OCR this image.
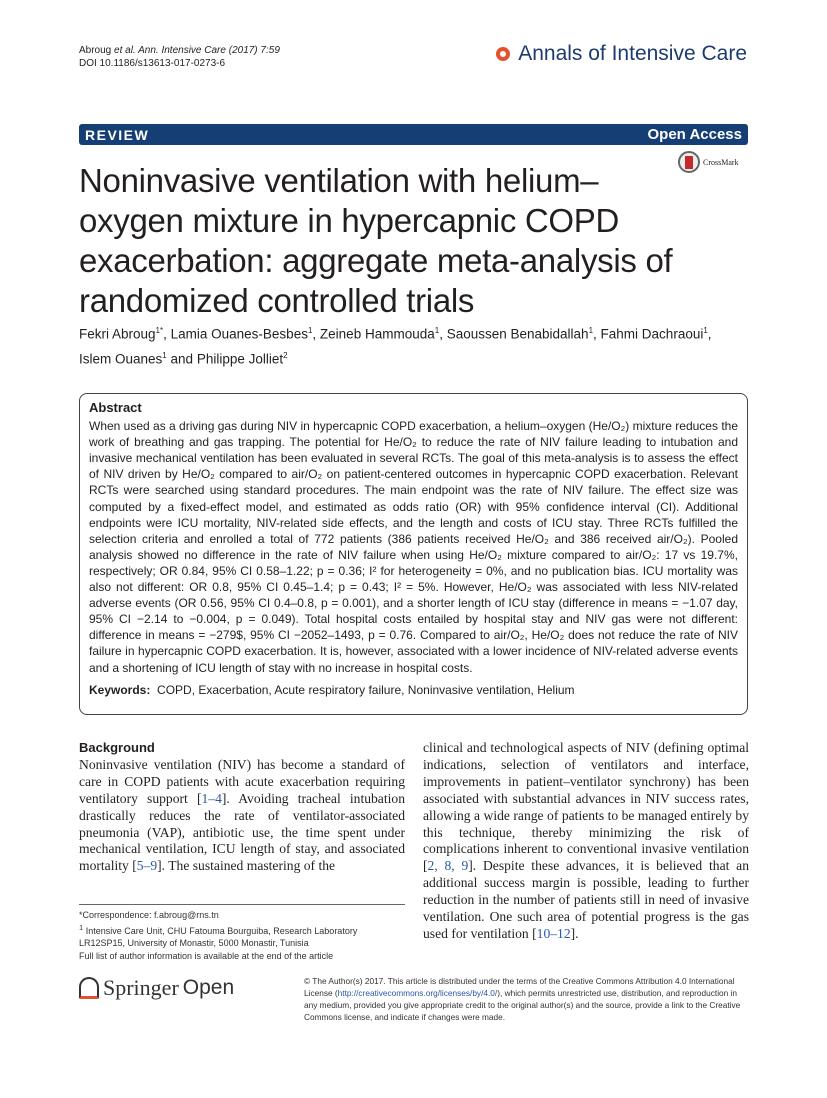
Abroug et al. Ann. Intensive Care (2017) 7:59
DOI 10.1186/s13613-017-0273-6	Annals of Intensive Care
REVIEW	Open Access
CrossMark
Noninvasive ventilation with helium–oxygen mixture in hypercapnic COPD exacerbation: aggregate meta-analysis of randomized controlled trials
Fekri Abroug$^{1*}$, Lamia Ouanes-Besbes$^1$, Zeineb Hammouda$^1$, Saoussen Benabidallah$^1$, Fahmi Dachraoui$^1$,
Islem Ouanes$^1$ and Philippe Jolliet$^2$
Abstract

When used as a driving gas during NIV in hypercapnic COPD exacerbation, a helium–oxygen (He/O₂) mixture reduces the work of breathing and gas trapping. The potential for He/O₂ to reduce the rate of NIV failure leading to intubation and invasive mechanical ventilation has been evaluated in several RCTs. The goal of this meta-analysis is to assess the effect of NIV driven by He/O₂ compared to air/O₂ on patient-centered outcomes in hypercapnic COPD exacerbation. Relevant RCTs were searched using standard procedures. The main endpoint was the rate of NIV failure. The effect size was computed by a fixed-effect model, and estimated as odds ratio (OR) with 95% confidence interval (CI). Additional endpoints were ICU mortality, NIV-related side effects, and the length and costs of ICU stay. Three RCTs fulfilled the selection criteria and enrolled a total of 772 patients (386 patients received He/O₂ and 386 received air/O₂). Pooled analysis showed no difference in the rate of NIV failure when using He/O₂ mixture compared to air/O₂: 17 vs 19.7%, respectively; OR 0.84, 95% CI 0.58–1.22; p = 0.36; I² for heterogeneity = 0%, and no publication bias. ICU mortality was also not different: OR 0.8, 95% CI 0.45–1.4; p = 0.43; I² = 5%. However, He/O₂ was associated with less NIV-related adverse events (OR 0.56, 95% CI 0.4–0.8, p = 0.001), and a shorter length of ICU stay (difference in means = −1.07 day, 95% CI −2.14 to −0.004, p = 0.049). Total hospital costs entailed by hospital stay and NIV gas were not different: difference in means = −279$, 95% CI −2052–1493, p = 0.76. Compared to air/O₂, He/O₂ does not reduce the rate of NIV failure in hypercapnic COPD exacerbation. It is, however, associated with a lower incidence of NIV-related adverse events and a shortening of ICU length of stay with no increase in hospital costs.

Keywords: COPD, Exacerbation, Acute respiratory failure, Noninvasive ventilation, Helium
Background
Noninvasive ventilation (NIV) has become a standard of care in COPD patients with acute exacerbation requiring ventilatory support [1–4]. Avoiding tracheal intubation drastically reduces the rate of ventilator-associated pneumonia (VAP), antibiotic use, the time spent under mechanical ventilation, ICU length of stay, and associated mortality [5–9]. The sustained mastering of the
clinical and technological aspects of NIV (defining optimal indications, selection of ventilators and interface, improvements in patient–ventilator synchrony) has been associated with substantial advances in NIV success rates, allowing a wide range of patients to be managed entirely by this technique, thereby minimizing the risk of complications inherent to conventional invasive ventilation [2, 8, 9]. Despite these advances, it is believed that an additional success margin is possible, leading to further reduction in the number of patients still in need of invasive ventilation. One such area of potential progress is the gas used for ventilation [10–12].
*Correspondence: f.abroug@rns.tn
$^1$ Intensive Care Unit, CHU Fatouma Bourguiba, Research Laboratory LR12SP15, University of Monastir, 5000 Monastir, Tunisia
Full list of author information is available at the end of the article
Springer Open	© The Author(s) 2017. This article is distributed under the terms of the Creative Commons Attribution 4.0 International License (http://creativecommons.org/licenses/by/4.0/), which permits unrestricted use, distribution, and reproduction in any medium, provided you give appropriate credit to the original author(s) and the source, provide a link to the Creative Commons license, and indicate if changes were made.
